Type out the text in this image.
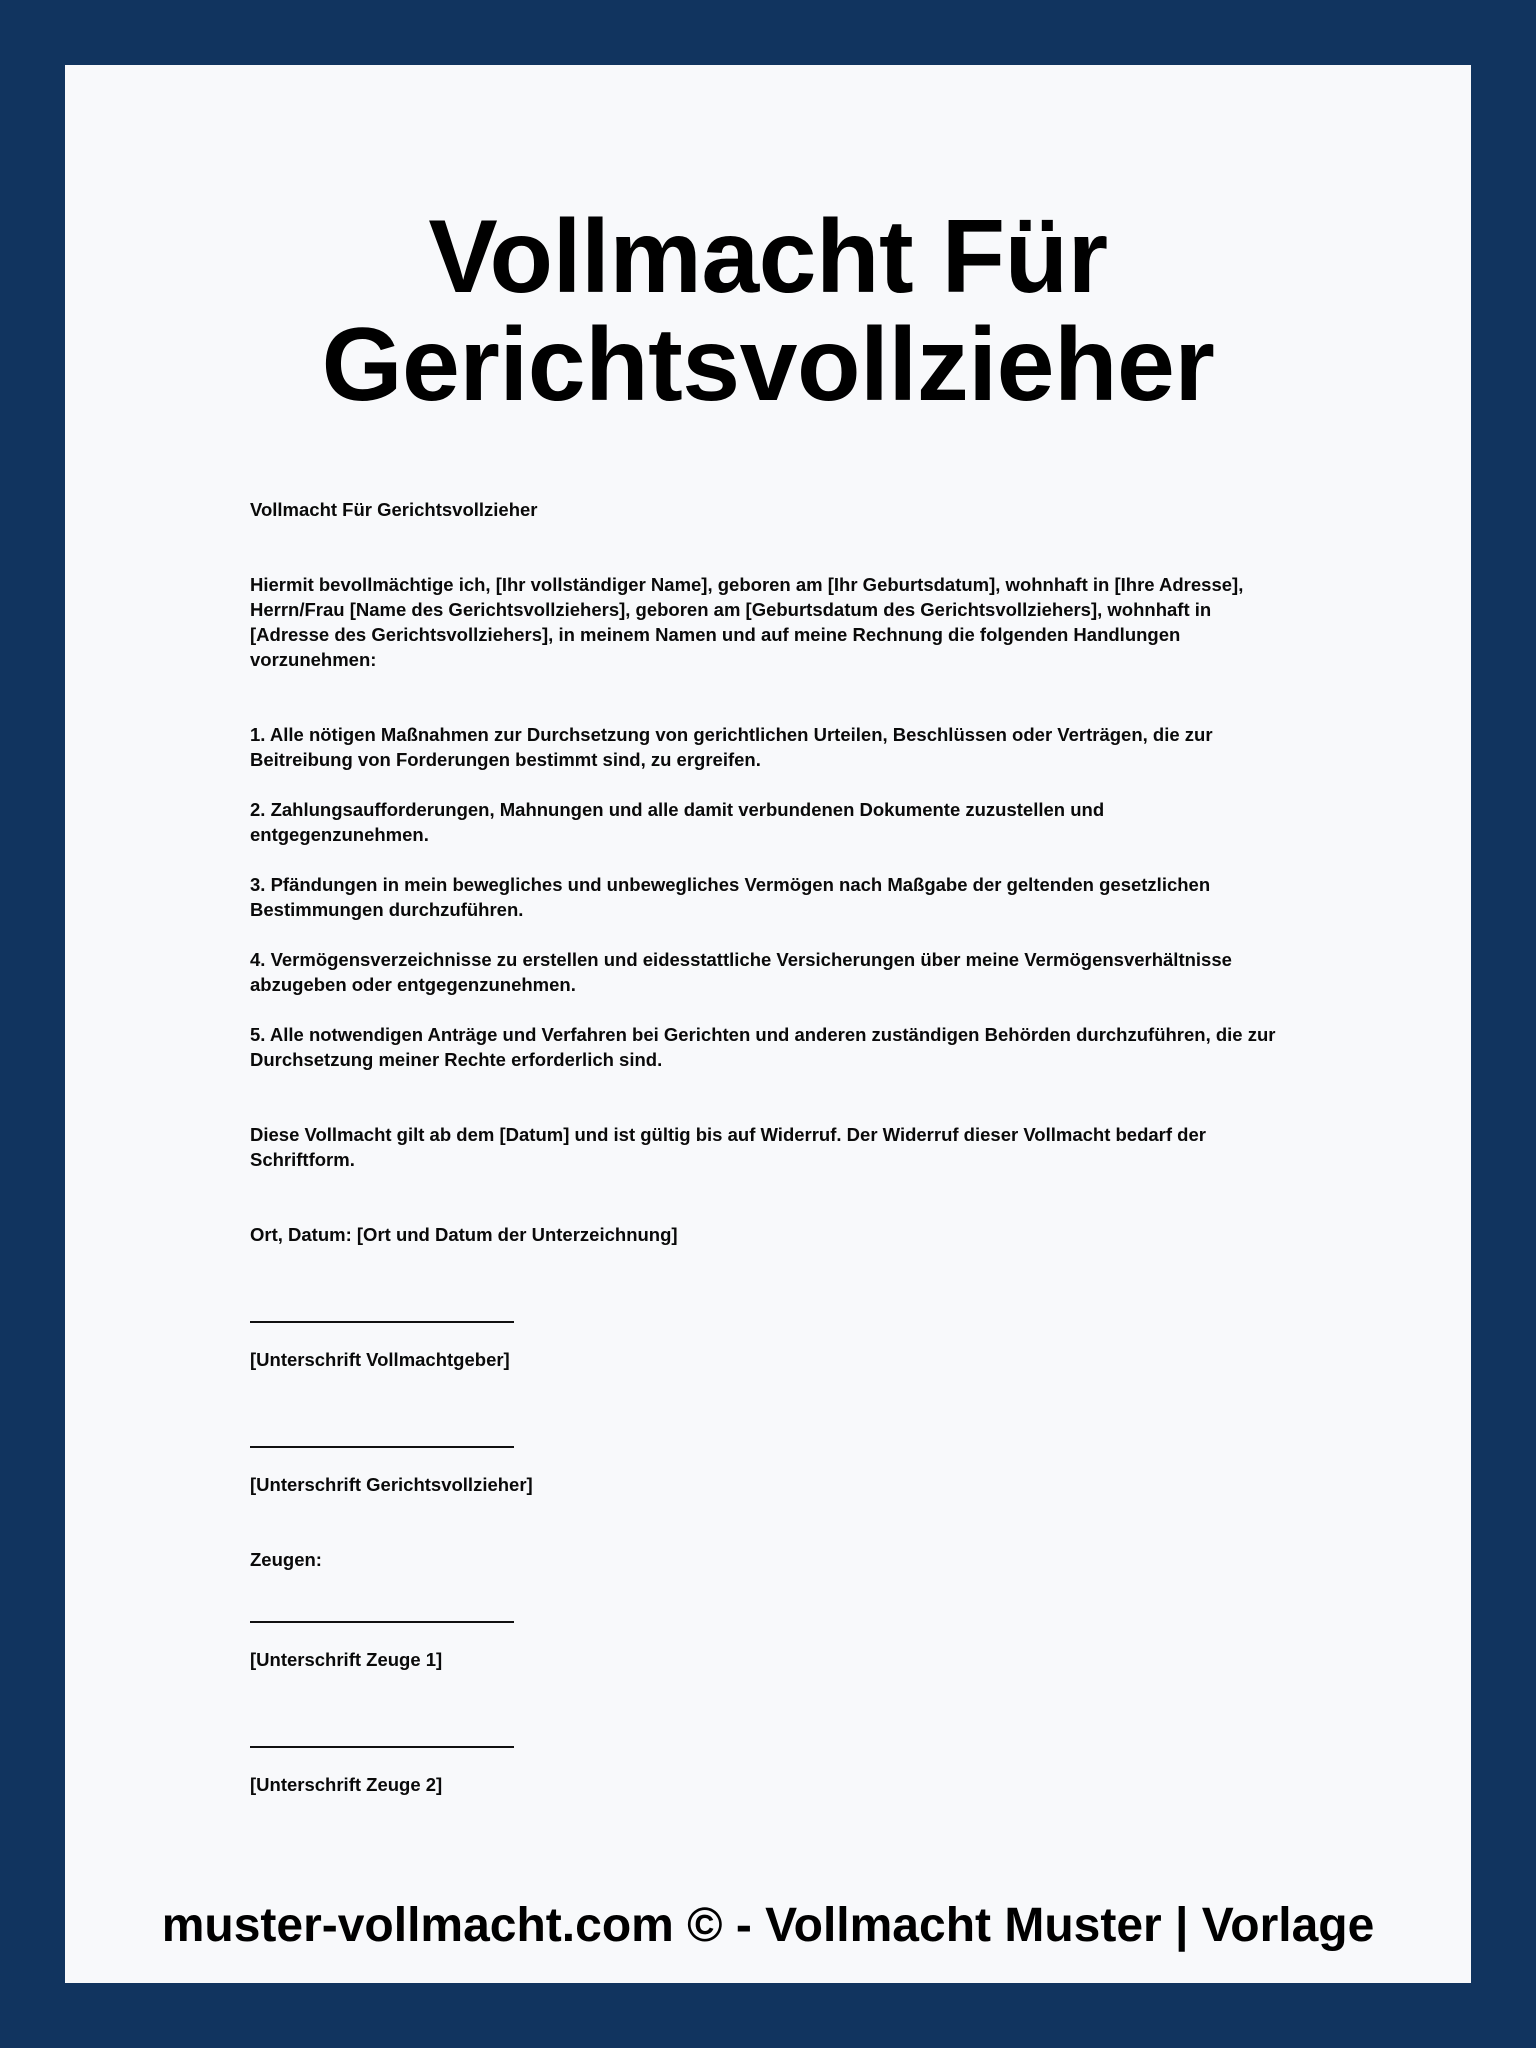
Vollmacht Für
Gerichtsvollzieher

Vollmacht Für Gerichtsvollzieher

Hiermit bevollmächtige ich, [Ihr vollständiger Name], geboren am [Ihr Geburtsdatum], wohnhaft in [Ihre Adresse], Herrn/Frau [Name des Gerichtsvollziehers], geboren am [Geburtsdatum des Gerichtsvollziehers], wohnhaft in [Adresse des Gerichtsvollziehers], in meinem Namen und auf meine Rechnung die folgenden Handlungen vorzunehmen:

1. Alle nötigen Maßnahmen zur Durchsetzung von gerichtlichen Urteilen, Beschlüssen oder Verträgen, die zur Beitreibung von Forderungen bestimmt sind, zu ergreifen.

2. Zahlungsaufforderungen, Mahnungen und alle damit verbundenen Dokumente zuzustellen und entgegenzunehmen.

3. Pfändungen in mein bewegliches und unbewegliches Vermögen nach Maßgabe der geltenden gesetzlichen Bestimmungen durchzuführen.

4. Vermögensverzeichnisse zu erstellen und eidesstattliche Versicherungen über meine Vermögensverhältnisse abzugeben oder entgegenzunehmen.

5. Alle notwendigen Anträge und Verfahren bei Gerichten und anderen zuständigen Behörden durchzuführen, die zur Durchsetzung meiner Rechte erforderlich sind.

Diese Vollmacht gilt ab dem [Datum] und ist gültig bis auf Widerruf. Der Widerruf dieser Vollmacht bedarf der Schriftform.

Ort, Datum: [Ort und Datum der Unterzeichnung]

[Unterschrift Vollmachtgeber]

[Unterschrift Gerichtsvollzieher]

Zeugen:

[Unterschrift Zeuge 1]

[Unterschrift Zeuge 2]

muster-vollmacht.com © - Vollmacht Muster | Vorlage
